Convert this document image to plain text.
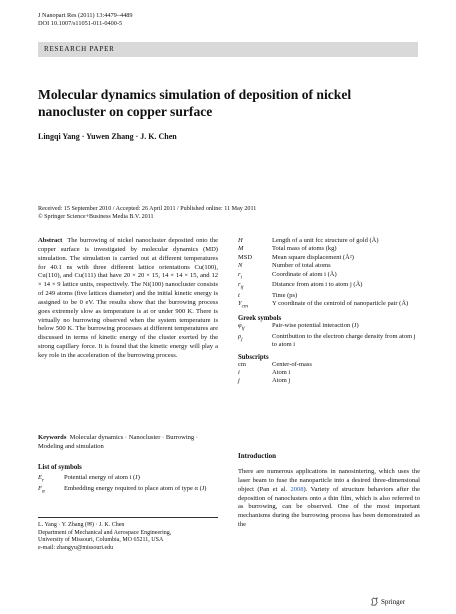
J Nanopart Res (2011) 13:4479–4489
DOI 10.1007/s11051-011-0400-5
RESEARCH PAPER
Molecular dynamics simulation of deposition of nickel nanocluster on copper surface
Lingqi Yang · Yuwen Zhang · J. K. Chen
Received: 15 September 2010 / Accepted: 26 April 2011 / Published online: 11 May 2011
© Springer Science+Business Media B.V. 2011

Abstract The burrowing of nickel nanocluster deposited onto the copper surface is investigated by molecular dynamics (MD) simulation. The simulation is carried out at different temperatures for 40.1 ns with three different lattice orientations Cu(100), Cu(110), and Cu(111) that have 20 × 20 × 15, 14 × 14 × 15, and 12 × 14 × 9 lattice units, respectively. The Ni(100) nanocluster consists of 249 atoms (five lattices diameter) and the initial kinetic energy is assigned to be 0 eV. The results show that the burrowing process goes extremely slow as temperature is at or under 900 K. There is virtually no burrowing observed when the system temperature is below 500 K. The burrowing processes at different temperatures are discussed in terms of kinetic energy of the cluster exerted by the strong capillary force. It is found that the kinetic energy will play a key role in the acceleration of the burrowing process.

Keywords Molecular dynamics · Nanocluster · Burrowing · Modeling and simulation
List of symbols
$E_r$	Potential energy of atom i (J)
$F_\alpha$	Embedding energy required to place atom of type α (J)
L. Yang · Y. Zhang (✉) · J. K. Chen
Department of Mechanical and Aerospace Engineering,
University of Missouri, Columbia, MO 65211, USA
e-mail: zhangyu@missouri.edu
H	Length of a unit fcc structure of gold (Å)
M	Total mass of atoms (kg)
MSD	Mean square displacement (Å²)
N	Number of total atoms
$r_i$	Coordinate of atom i (Å)
$r_{ij}$	Distance from atom i to atom j (Å)
t	Time (ps)
$Y_{cm}$	Y coordinate of the centroid of nanoparticle pair (Å)
Greek symbols
$\varphi_{ij}$	Pair-wise potential interaction (J)
$\rho_j$	Contribution to the electron charge density from atom j to atom i
Subscripts
cm	Center-of-mass
i	Atom i
j	Atom j
Introduction
There are numerous applications in nanosintering, which uses the laser beam to fuse the nanoparticle into a desired three-dimensional object (Pan et al. 2008). Variety of structure behaviors after the deposition of nanoclusters onto a thin film, which is also referred to as burrowing, can be observed. One of the most important mechanisms during the burrowing process has been demonstrated as the
Springer
